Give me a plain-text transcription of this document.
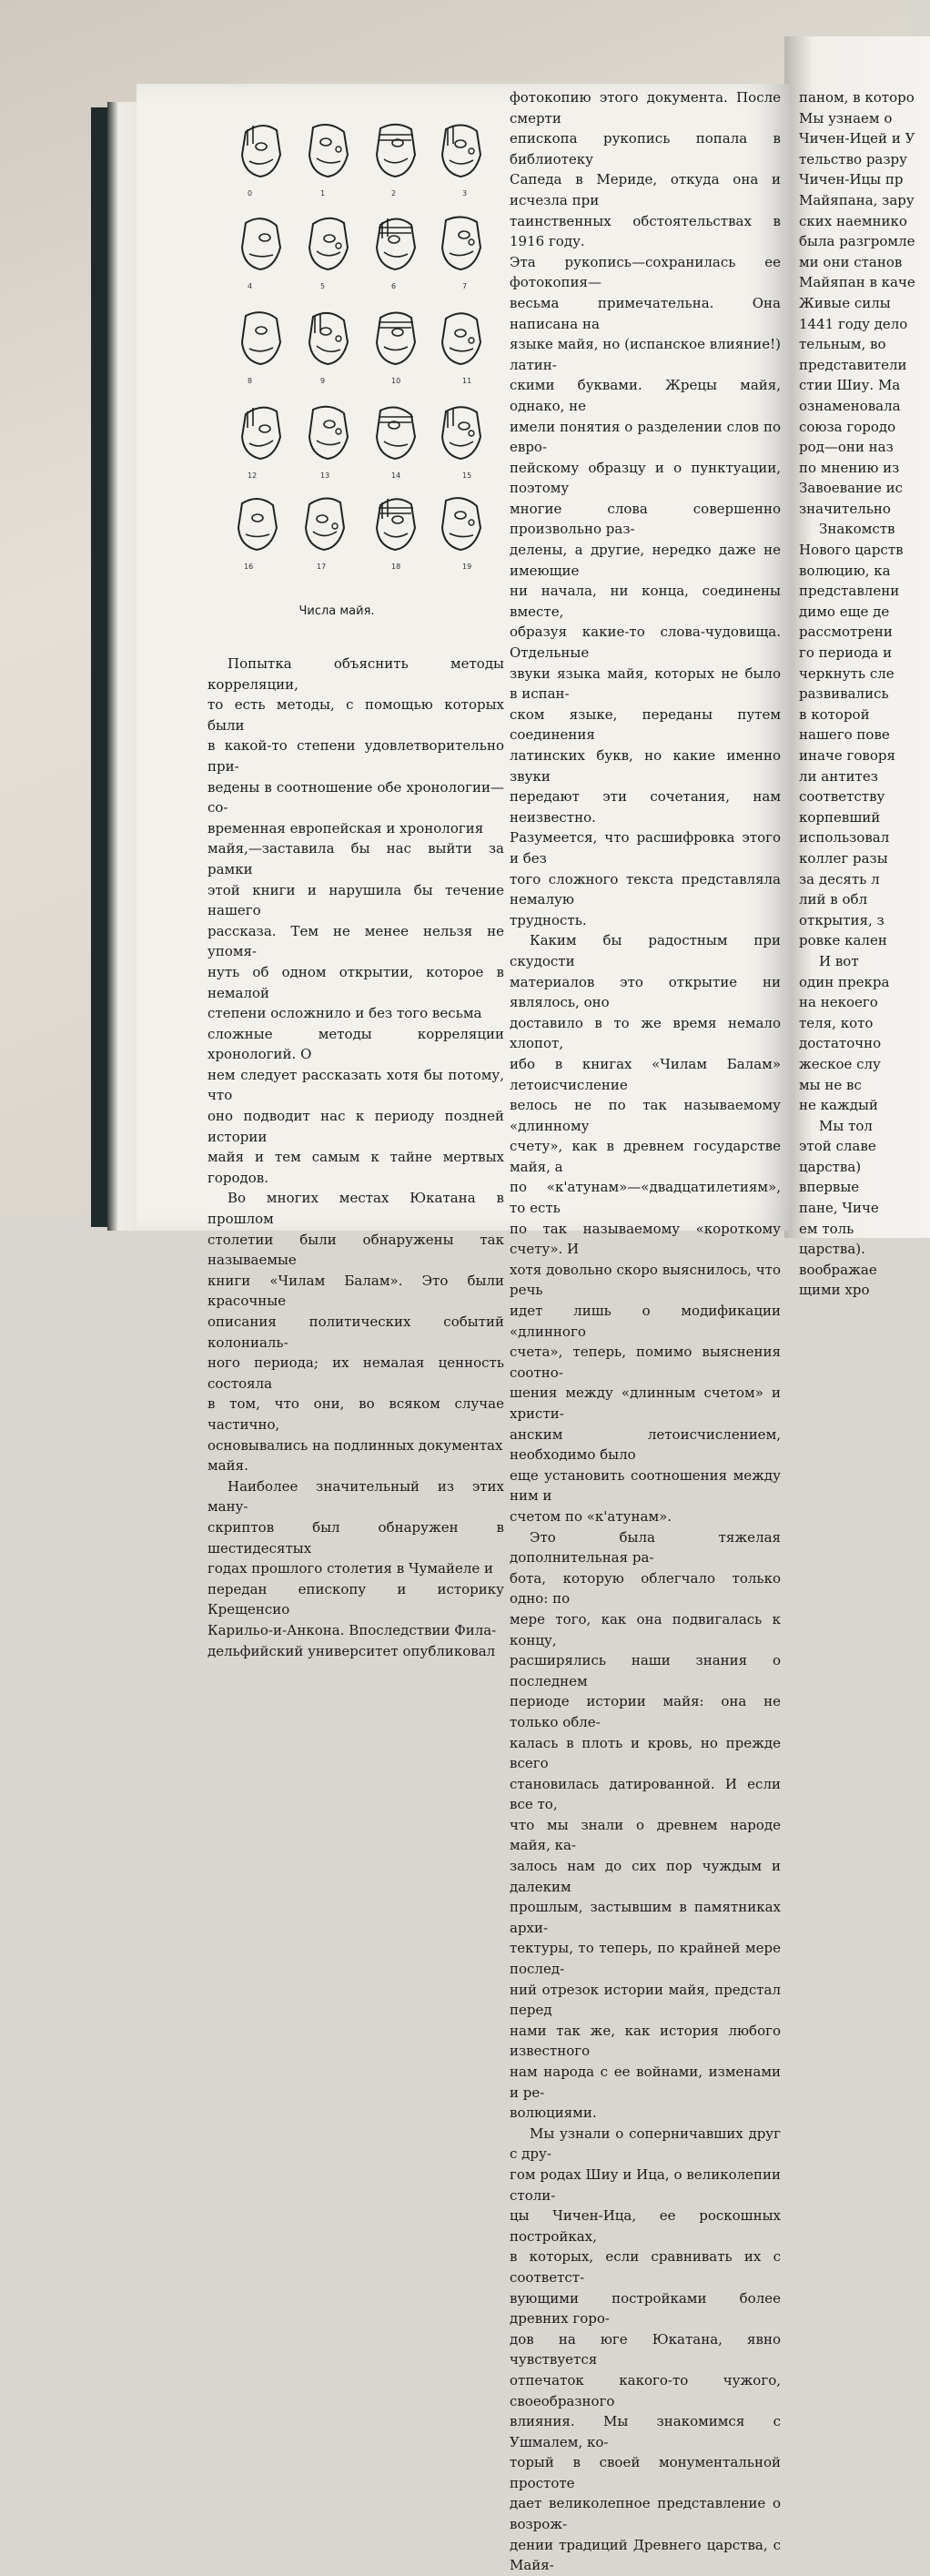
0	1	2	3
4	5	6	7
8	9	10	11
12	13	14	15
16	17	18	19
Числа майя.
Попытка объяснить методы корреляции,
то есть методы, с помощью которых были
в какой-то степени удовлетворительно при-
ведены в соотношение обе хронологии—со-
временная европейская и хронология
майя,—заставила бы нас выйти за рамки
этой книги и нарушила бы течение нашего
рассказа. Тем не менее нельзя не упомя-
нуть об одном открытии, которое в немалой
степени осложнило и без того весьма
сложные методы корреляции хронологий. О
нем следует рассказать хотя бы потому, что
оно подводит нас к периоду поздней истории
майя и тем самым к тайне мертвых городов.
Во многих местах Юкатана в прошлом
столетии были обнаружены так называемые
книги «Чилам Балам». Это были красочные
описания политических событий колониаль-
ного периода; их немалая ценность состояла
в том, что они, во всяком случае частично,
основывались на подлинных документах
майя.
Наиболее значительный из этих ману-
скриптов был обнаружен в шестидесятых
годах прошлого столетия в Чумайеле и
передан епископу и историку Крещенсио
Карильо-и-Анкона. Впоследствии Фила-
дельфийский университет опубликовал
фотокопию этого документа. После смерти
епископа рукопись попала в библиотеку
Сапеда в Мериде, откуда она и исчезла при
таинственных обстоятельствах в 1916 году.
Эта рукопись—сохранилась ее фотокопия—
весьма примечательна. Она написана на
языке майя, но (испанское влияние!) латин-
скими буквами. Жрецы майя, однако, не
имели понятия о разделении слов по евро-
пейскому образцу и о пунктуации, поэтому
многие слова совершенно произвольно раз-
делены, а другие, нередко даже не имеющие
ни начала, ни конца, соединены вместе,
образуя какие-то слова-чудовища. Отдельные
звуки языка майя, которых не было в испан-
ском языке, переданы путем соединения
латинских букв, но какие именно звуки
передают эти сочетания, нам неизвестно.
Разумеется, что расшифровка этого и без
того сложного текста представляла немалую
трудность.
Каким бы радостным при скудости
материалов это открытие ни являлось, оно
доставило в то же время немало хлопот,
ибо в книгах «Чилам Балам» летоисчисление
велось не по так называемому «длинному
счету», как в древнем государстве майя, а
по «к'атунам»—«двадцатилетиям», то есть
по так называемому «короткому счету». И
хотя довольно скоро выяснилось, что речь
идет лишь о модификации «длинного
счета», теперь, помимо выяснения соотно-
шения между «длинным счетом» и христи-
анским летоисчислением, необходимо было
еще установить соотношения между ним и
счетом по «к'атунам».
Это была тяжелая дополнительная ра-
бота, которую облегчало только одно: по
мере того, как она подвигалась к концу,
расширялись наши знания о последнем
периоде истории майя: она не только обле-
калась в плоть и кровь, но прежде всего
становилась датированной. И если все то,
что мы знали о древнем народе майя, ка-
залось нам до сих пор чуждым и далеким
прошлым, застывшим в памятниках архи-
тектуры, то теперь, по крайней мере послед-
ний отрезок истории майя, предстал перед
нами так же, как история любого известного
нам народа с ее войнами, изменами и ре-
волюциями.
Мы узнали о соперничавших друг с дру-
гом родах Шиу и Ица, о великолепии столи-
цы Чичен-Ица, ее роскошных постройках,
в которых, если сравнивать их с соответст-
вующими постройками более древних горо-
дов на юге Юкатана, явно чувствуется
отпечаток какого-то чужого, своеобразного
влияния. Мы знакомимся с Ушмалем, ко-
торый в своей монументальной простоте
дает великолепное представление о возрож-
дении традиций Древнего царства, с Майя-
паном, в которо
Мы узнаем о
Чичен-Ицей и У
тельство разру
Чичен-Ицы пр
Майяпана, зару
ских наемнико
была разгромле
ми они станов
Майяпан в каче
Живые силы
1441 году дело
тельным, во
представители
стии Шиу. Ма
ознаменовала
союза городо
род—они наз
по мнению из
Завоевание ис
значительно
Знакомств
Нового царств
волюцию, ка
представлени
димо еще де
рассмотрени
го периода и
черкнуть сле
развивались
в которой
нашего пове
иначе говоря
ли антитез
соответству
корпевший
использовал
коллег разы
за десять л
лий в обл
открытия, з
ровке кален
И вот
один прекра
на некоего
теля, кото
достаточно
жеское слу
мы не вс
не каждый
Мы тол
этой славе
царства)
впервые
пане, Чиче
ем толь
царства).
воображае
щими хро
